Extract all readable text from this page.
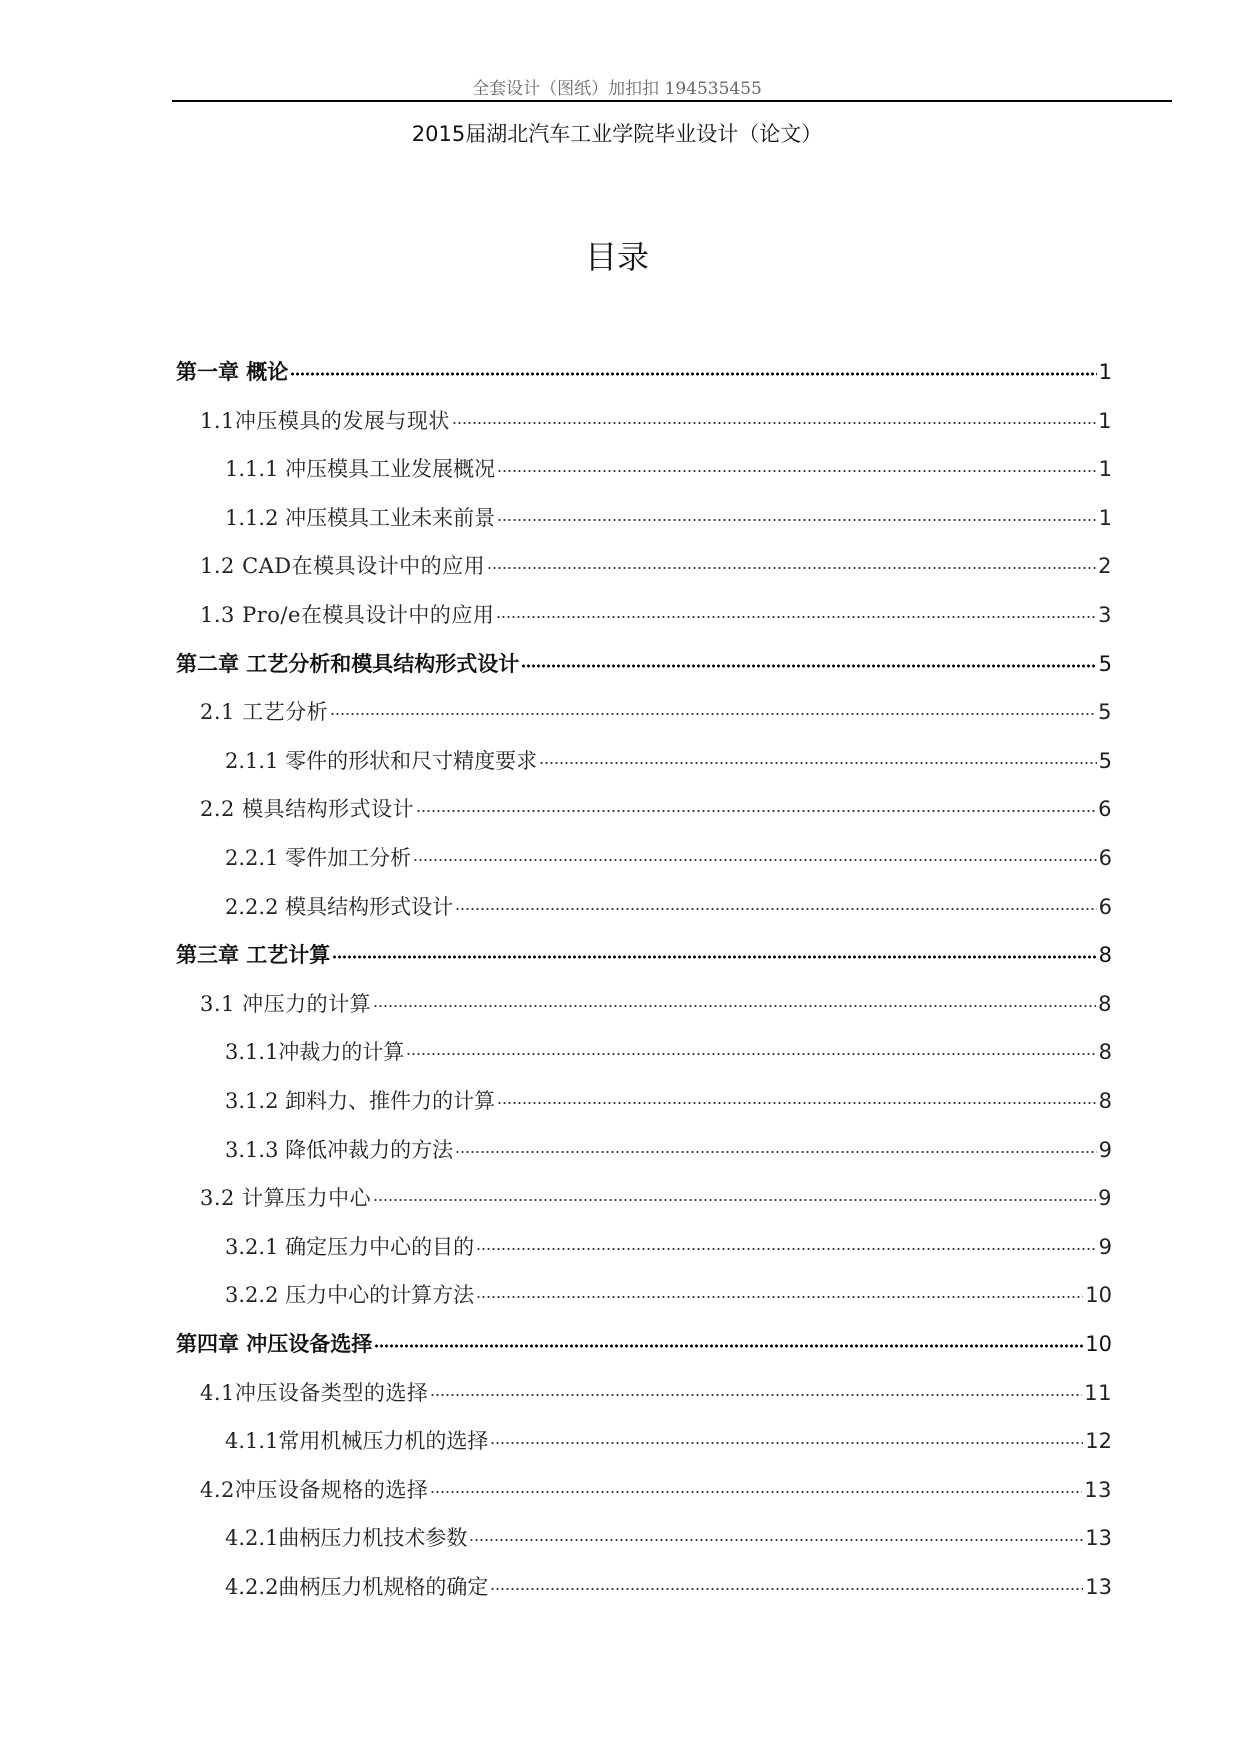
全套设计（图纸）加扣扣 194535455
2015届湖北汽车工业学院毕业设计（论文）
目录
第一章 概论	1
1.1冲压模具的发展与现状	1
1.1.1 冲压模具工业发展概况	1
1.1.2 冲压模具工业未来前景	1
1.2 CAD在模具设计中的应用	2
1.3 Pro/e在模具设计中的应用	3
第二章 工艺分析和模具结构形式设计	5
2.1 工艺分析	5
2.1.1 零件的形状和尺寸精度要求	5
2.2 模具结构形式设计	6
2.2.1 零件加工分析	6
2.2.2 模具结构形式设计	6
第三章 工艺计算	8
3.1 冲压力的计算	8
3.1.1冲裁力的计算	8
3.1.2 卸料力、推件力的计算	8
3.1.3 降低冲裁力的方法	9
3.2 计算压力中心	9
3.2.1 确定压力中心的目的	9
3.2.2 压力中心的计算方法	10
第四章 冲压设备选择	10
4.1冲压设备类型的选择	11
4.1.1常用机械压力机的选择	12
4.2冲压设备规格的选择	13
4.2.1曲柄压力机技术参数	13
4.2.2曲柄压力机规格的确定	13
